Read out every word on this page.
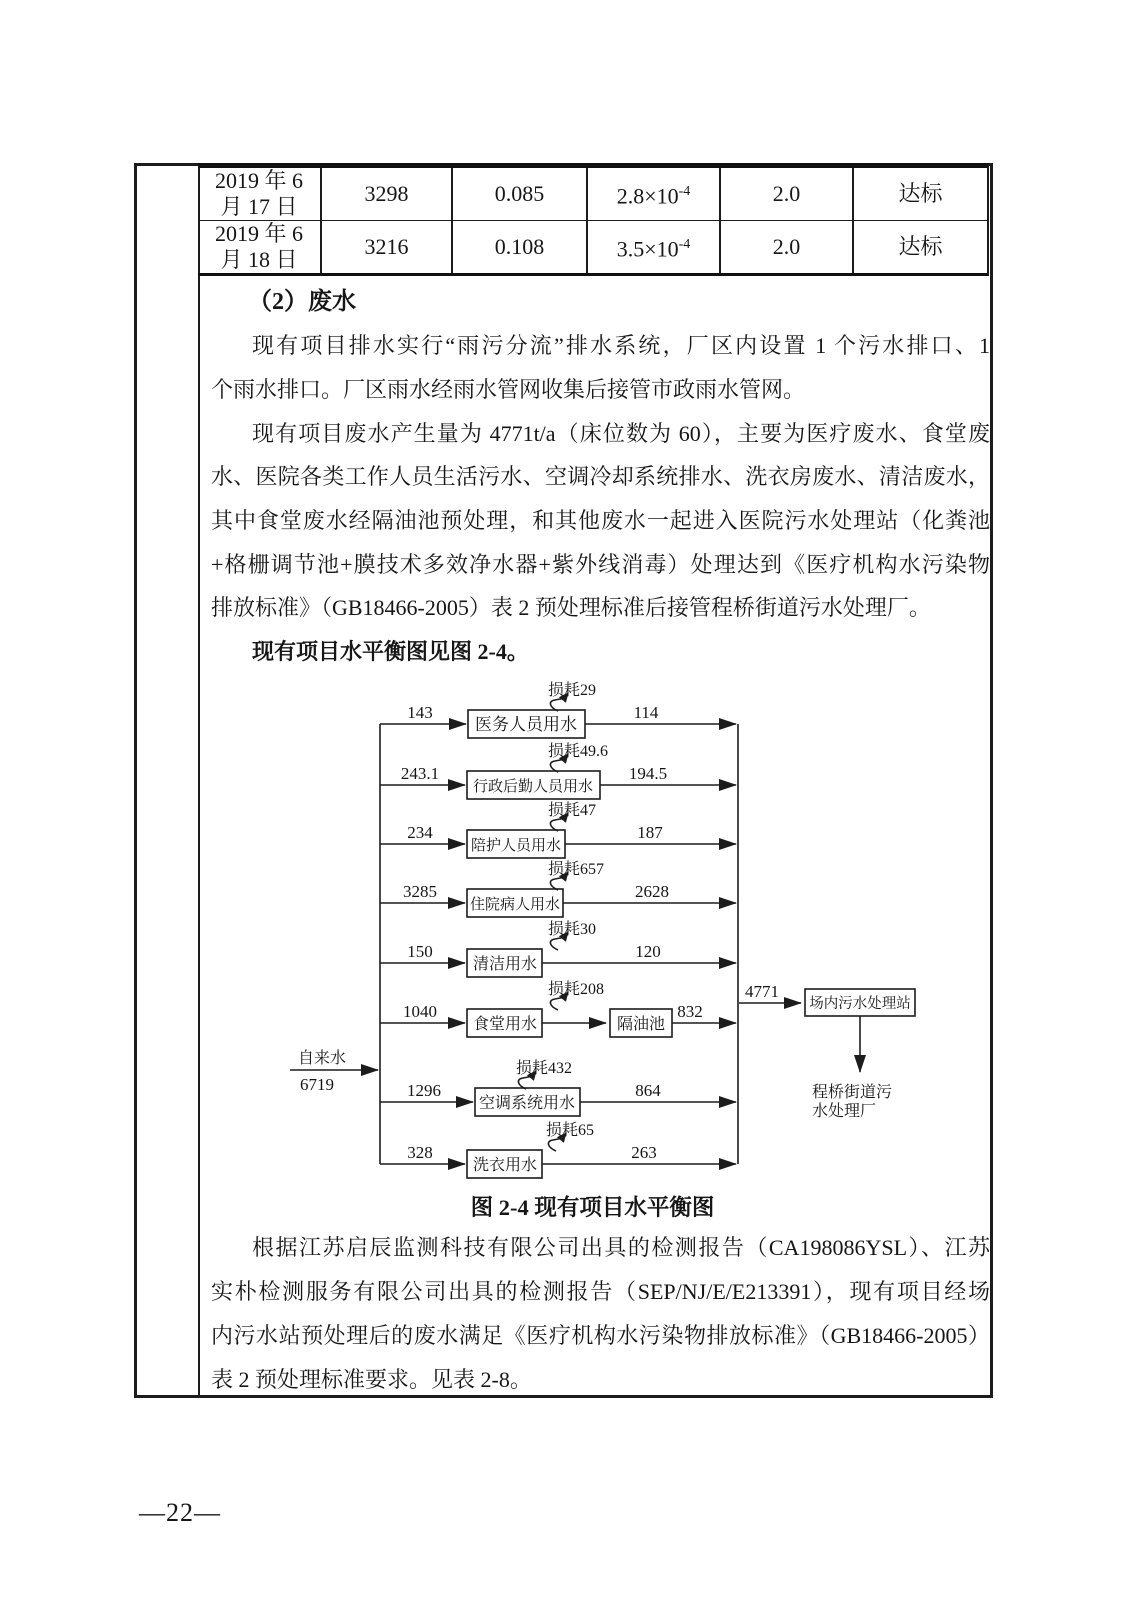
2019 年 6
月 17 日
3298	0.085	$2.8\times 10^{-4}$	2.0	达标
2019 年 6
月 18 日
3216	0.108	$3.5\times 10^{-4}$	2.0	达标
（2）废水
现有项目排水实行“雨污分流”排水系统，厂区内设置 1 个污水排口、1
个雨水排口。厂区雨水经雨水管网收集后接管市政雨水管网。
现有项目废水产生量为 4771t/a（床位数为 60），主要为医疗废水、食堂废
水、医院各类工作人员生活污水、空调冷却系统排水、洗衣房废水、清洁废水，
其中食堂废水经隔油池预处理，和其他废水一起进入医院污水处理站（化粪池
+格栅调节池+膜技术多效净水器+紫外线消毒）处理达到《医疗机构水污染物
排放标准》（GB18466-2005）表 2 预处理标准后接管程桥街道污水处理厂。
现有项目水平衡图见图 2-4。
自来水
6719
143
医务人员用水
损耗29
114
243.1
行政后勤人员用水
损耗49.6
194.5
234
陪护人员用水
损耗47
187
3285
住院病人用水
损耗657
2628
150
清洁用水
损耗30
120
1040
食堂用水
损耗208
隔油池
832
1296
空调系统用水
损耗432
864
328
洗衣用水
损耗65
263
4771
场内污水处理站
程桥街道污
水处理厂
图 2-4 现有项目水平衡图
根据江苏启辰监测科技有限公司出具的检测报告（CA198086YSL）、江苏
实朴检测服务有限公司出具的检测报告（SEP/NJ/E/E213391），现有项目经场
内污水站预处理后的废水满足《医疗机构水污染物排放标准》（GB18466-2005）
表 2 预处理标准要求。见表 2-8。
—22—
